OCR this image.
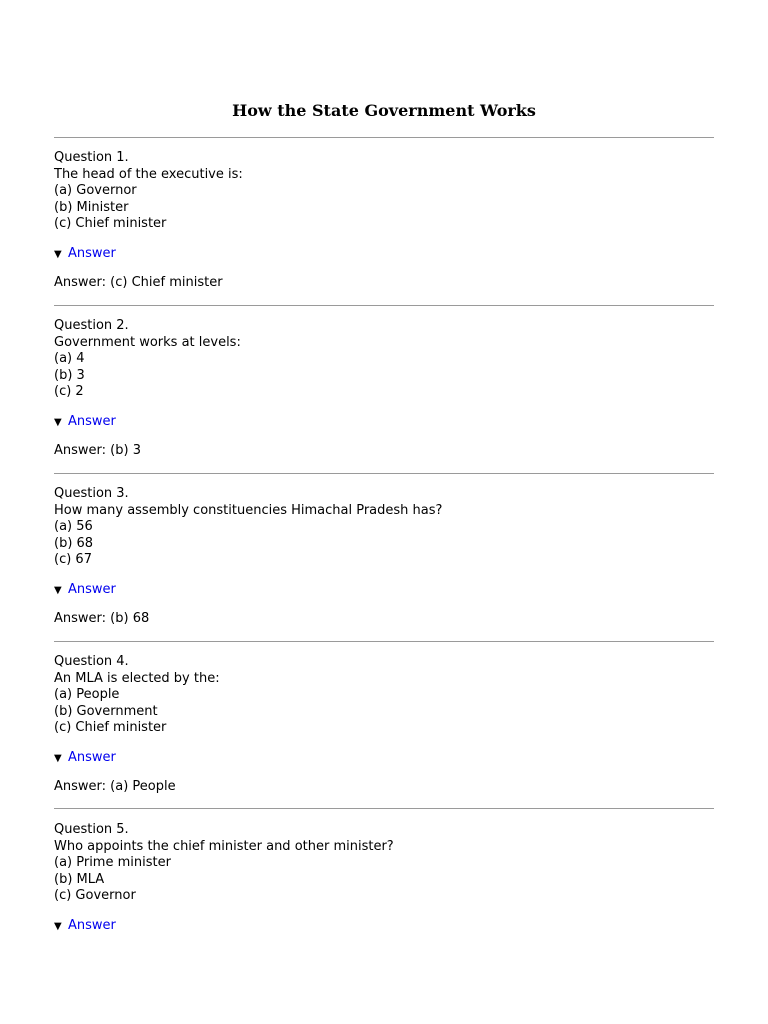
How the State Government Works
Question 1.
The head of the executive is:
(a) Governor
(b) Minister
(c) Chief minister
▼ Answer
Answer: (c) Chief minister
Question 2.
Government works at levels:
(a) 4
(b) 3
(c) 2
▼ Answer
Answer: (b) 3
Question 3.
How many assembly constituencies Himachal Pradesh has?
(a) 56
(b) 68
(c) 67
▼ Answer
Answer: (b) 68
Question 4.
An MLA is elected by the:
(a) People
(b) Government
(c) Chief minister
▼ Answer
Answer: (a) People
Question 5.
Who appoints the chief minister and other minister?
(a) Prime minister
(b) MLA
(c) Governor
▼ Answer
